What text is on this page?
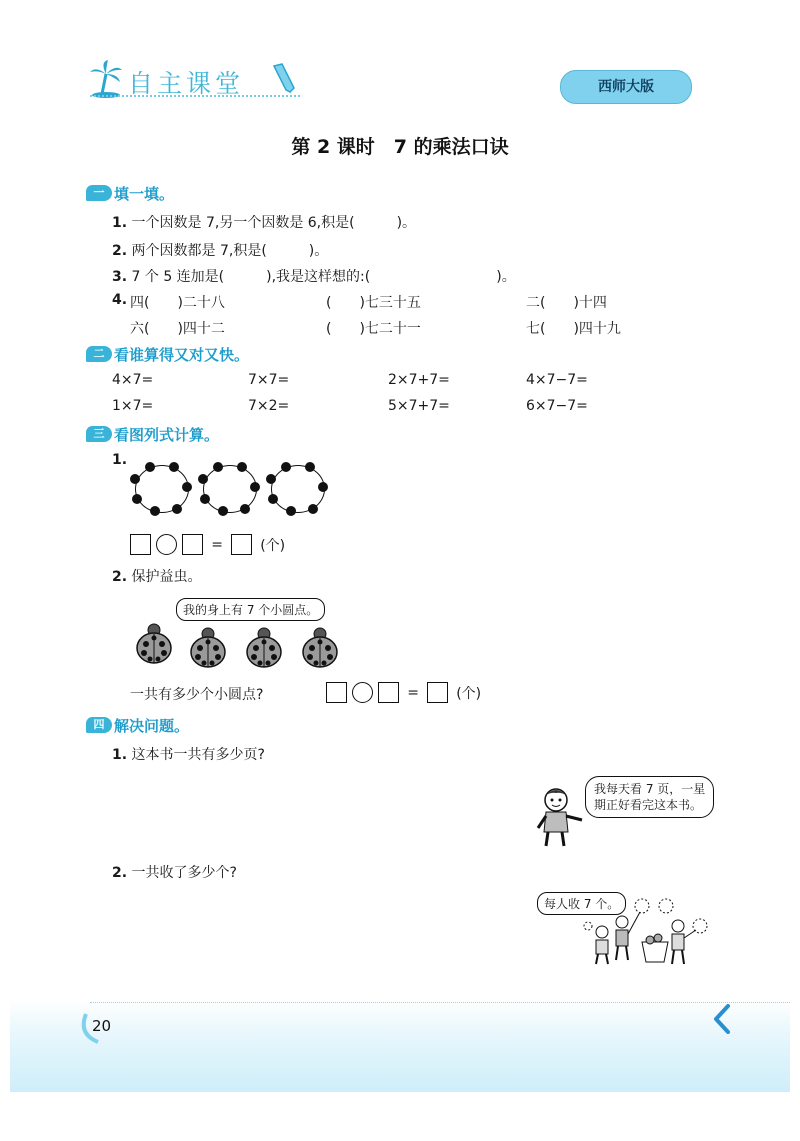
自主课堂	西师大版
第 2 课时　7 的乘法口诀
一 填一填。
1. 一个因数是 7,另一个因数是 6,积是(　　　)。
2. 两个因数都是 7,积是(　　　)。
3. 7 个 5 连加是(　　　),我是这样想的:(　　　　　　　　　)。
4. 四(　　)二十八	(　　)七三十五	二(　　)十四
六(　　)四十二	(　　)七二十一	七(　　)四十九
二 看谁算得又对又快。
4×7=	7×7=	2×7+7=	4×7−7=
1×7=	7×2=	5×7+7=	6×7−7=
三 看图列式计算。
1.
=	(个)
2. 保护益虫。
我的身上有 7 个小圆点。
一共有多少个小圆点?	=	(个)
四 解决问题。
1. 这本书一共有多少页?
我每天看 7 页，一星
期正好看完这本书。
2. 一共收了多少个?
每人收 7 个。
20
